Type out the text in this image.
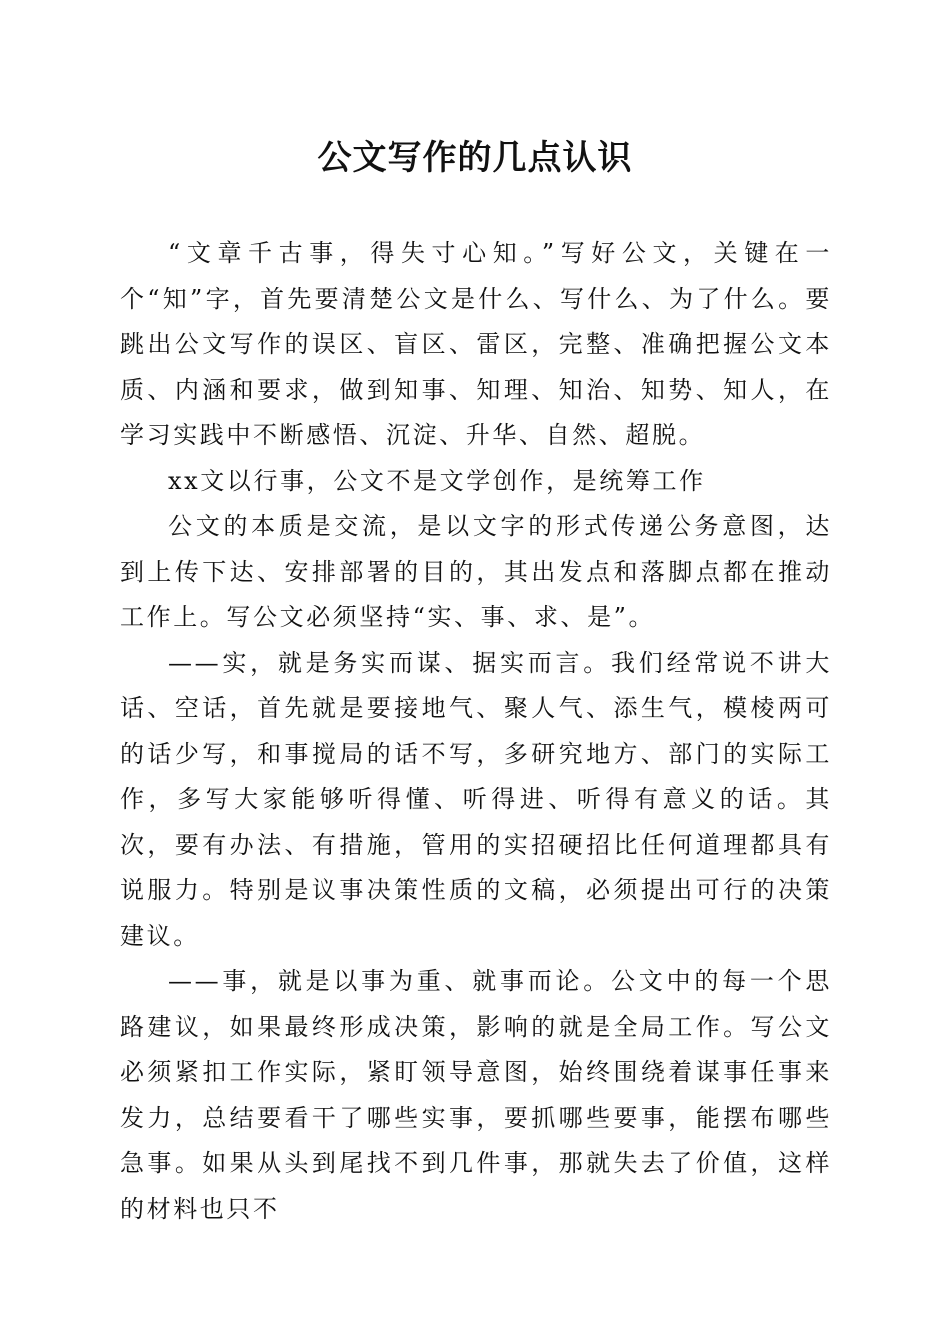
公文写作的几点认识

“文章千古事，得失寸心知。”写好公文，关键在一个“知”字，首先要清楚公文是什么、写什么、为了什么。要跳出公文写作的误区、盲区、雷区，完整、准确把握公文本质、内涵和要求，做到知事、知理、知治、知势、知人，在学习实践中不断感悟、沉淀、升华、自然、超脱。

xx文以行事，公文不是文学创作，是统筹工作

公文的本质是交流，是以文字的形式传递公务意图，达到上传下达、安排部署的目的，其出发点和落脚点都在推动工作上。写公文必须坚持“实、事、求、是”。

——实，就是务实而谋、据实而言。我们经常说不讲大话、空话，首先就是要接地气、聚人气、添生气，模棱两可的话少写，和事搅局的话不写，多研究地方、部门的实际工作，多写大家能够听得懂、听得进、听得有意义的话。其次，要有办法、有措施，管用的实招硬招比任何道理都具有说服力。特别是议事决策性质的文稿，必须提出可行的决策建议。

——事，就是以事为重、就事而论。公文中的每一个思路建议，如果最终形成决策，影响的就是全局工作。写公文必须紧扣工作实际，紧盯领导意图，始终围绕着谋事任事来发力，总结要看干了哪些实事，要抓哪些要事，能摆布哪些急事。如果从头到尾找不到几件事，那就失去了价值，这样的材料也只不
